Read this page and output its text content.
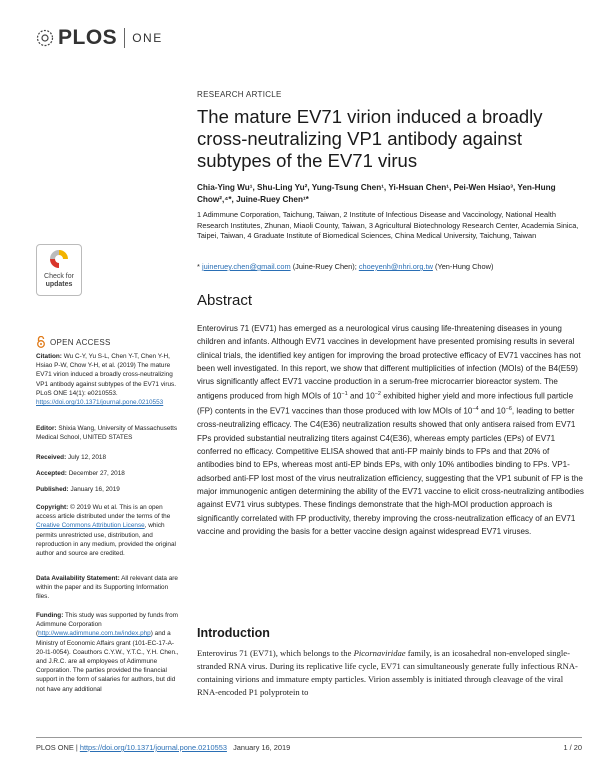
PLOS ONE
RESEARCH ARTICLE
The mature EV71 virion induced a broadly cross-neutralizing VP1 antibody against subtypes of the EV71 virus
Chia-Ying Wu¹, Shu-Ling Yu², Yung-Tsung Chen¹, Yi-Hsuan Chen¹, Pei-Wen Hsiao³, Yen-Hung Chow²,⁴*, Juine-Ruey Chen¹*
1 Adimmune Corporation, Taichung, Taiwan, 2 Institute of Infectious Disease and Vaccinology, National Health Research Institutes, Zhunan, Miaoli County, Taiwan, 3 Agricultural Biotechnology Research Center, Academia Sinica, Taipei, Taiwan, 4 Graduate Institute of Biomedical Sciences, China Medical University, Taichung, Taiwan
* juineruey.chen@gmail.com (Juine-Ruey Chen); choeyenh@nhri.org.tw (Yen-Hung Chow)
Check for
updates
OPEN ACCESS
Citation: Wu C-Y, Yu S-L, Chen Y-T, Chen Y-H, Hsiao P-W, Chow Y-H, et al. (2019) The mature EV71 virion induced a broadly cross-neutralizing VP1 antibody against subtypes of the EV71 virus. PLoS ONE 14(1): e0210553. https://doi.org/10.1371/journal.pone.0210553
Editor: Shixia Wang, University of Massachusetts Medical School, UNITED STATES
Received: July 12, 2018
Accepted: December 27, 2018
Published: January 16, 2019
Copyright: © 2019 Wu et al. This is an open access article distributed under the terms of the Creative Commons Attribution License, which permits unrestricted use, distribution, and reproduction in any medium, provided the original author and source are credited.
Data Availability Statement: All relevant data are within the paper and its Supporting Information files.
Funding: This study was supported by funds from Adimmune Corporation (http://www.adimmune.com.tw/index.php) and a Ministry of Economic Affairs grant (101-EC-17-A-20-I1-0054). Coauthors C.Y.W., Y.T.C., Y.H. Chen., and J.R.C. are all employees of Adimmune Corporation. The parties provided the financial support in the form of salaries for authors, but did not have any additional
Abstract
Enterovirus 71 (EV71) has emerged as a neurological virus causing life-threatening diseases in young children and infants. Although EV71 vaccines in development have presented promising results in several clinical trials, the identified key antigen for improving the broad protective efficacy of EV71 vaccines has not been well investigated. In this report, we show that different multiplicities of infection (MOIs) of the B4(E59) virus significantly affect EV71 vaccine production in a serum-free microcarrier bioreactor system. The antigens produced from high MOIs of $10^{-1}$ and $10^{-2}$ exhibited higher yield and more infectious full particle (FP) contents in the EV71 vaccines than those produced with low MOIs of $10^{-4}$ and $10^{-6}$, leading to better cross-neutralizing efficacy. The C4(E36) neutralization results showed that only antisera raised from EV71 FPs provided substantial neutralizing titers against C4(E36), whereas empty particles (EPs) of EV71 conferred no efficacy. Competitive ELISA showed that anti-FP mainly binds to FPs and that 20% of antibodies bind to EPs, whereas most anti-EP binds EPs, with only 10% antibodies binding to FPs. VP1-adsorbed anti-FP lost most of the virus neutralization efficiency, suggesting that the VP1 subunit of FP is the major immunogenic antigen determining the ability of the EV71 vaccine to elicit cross-neutralizing antibodies against EV71 virus subtypes. These findings demonstrate that the high-MOI production approach is significantly correlated with FP productivity, thereby improving the cross-neutralization efficacy of an EV71 vaccine and providing the basis for a better vaccine design against widespread EV71 viruses.
Introduction
Enterovirus 71 (EV71), which belongs to the Picornaviridae family, is an icosahedral non-enveloped single-stranded RNA virus. During its replicative life cycle, EV71 can simultaneously generate fully infectious RNA-containing virions and immature empty particles. Virion assembly is initiated through cleavage of the viral RNA-encoded P1 polyprotein to
PLOS ONE | https://doi.org/10.1371/journal.pone.0210553   January 16, 2019	1 / 20
